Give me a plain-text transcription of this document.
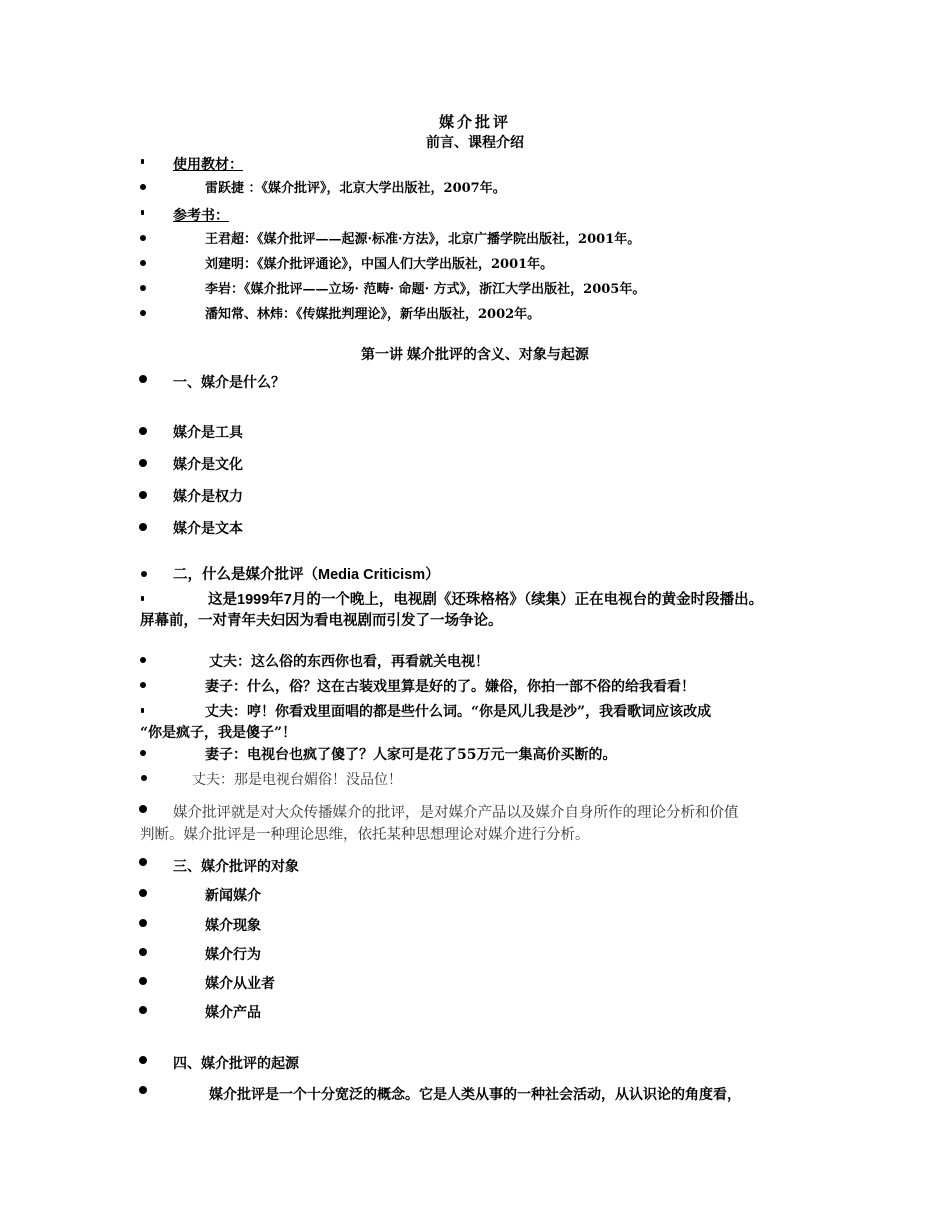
媒介批评
前言、课程介绍
使用教材：
雷跃捷 ：《媒介批评》，北京大学出版社，2007年。
参考书：
王君超：《媒介批评——起源·标准·方法》，北京广播学院出版社，2001年。
刘建明：《媒介批评通论》，中国人们大学出版社，2001年。
李岩：《媒介批评——立场· 范畴· 命题· 方式》，浙江大学出版社，2005年。
潘知常、林炜：《传媒批判理论》，新华出版社，2002年。
第一讲 媒介批评的含义、对象与起源
一、媒介是什么？
媒介是工具
媒介是文化
媒介是权力
媒介是文本
二，什么是媒介批评（Media Criticism）
这是1999年7月的一个晚上，电视剧《还珠格格》（续集）正在电视台的黄金时段播出。
屏幕前，一对青年夫妇因为看电视剧而引发了一场争论。
丈夫：这么俗的东西你也看，再看就关电视！
妻子：什么，俗？这在古装戏里算是好的了。嫌俗，你拍一部不俗的给我看看！
丈夫：哼！你看戏里面唱的都是些什么词。“你是风儿我是沙”，我看歌词应该改成
“你是疯子，我是傻子”！
妻子：电视台也疯了傻了？人家可是花了55万元一集高价买断的。
丈夫：那是电视台媚俗！没品位！
媒介批评就是对大众传播媒介的批评，是对媒介产品以及媒介自身所作的理论分析和价值
判断。媒介批评是一种理论思维，依托某种思想理论对媒介进行分析。
三、媒介批评的对象
新闻媒介
媒介现象
媒介行为
媒介从业者
媒介产品
四、媒介批评的起源
媒介批评是一个十分宽泛的概念。它是人类从事的一种社会活动，从认识论的角度看，
